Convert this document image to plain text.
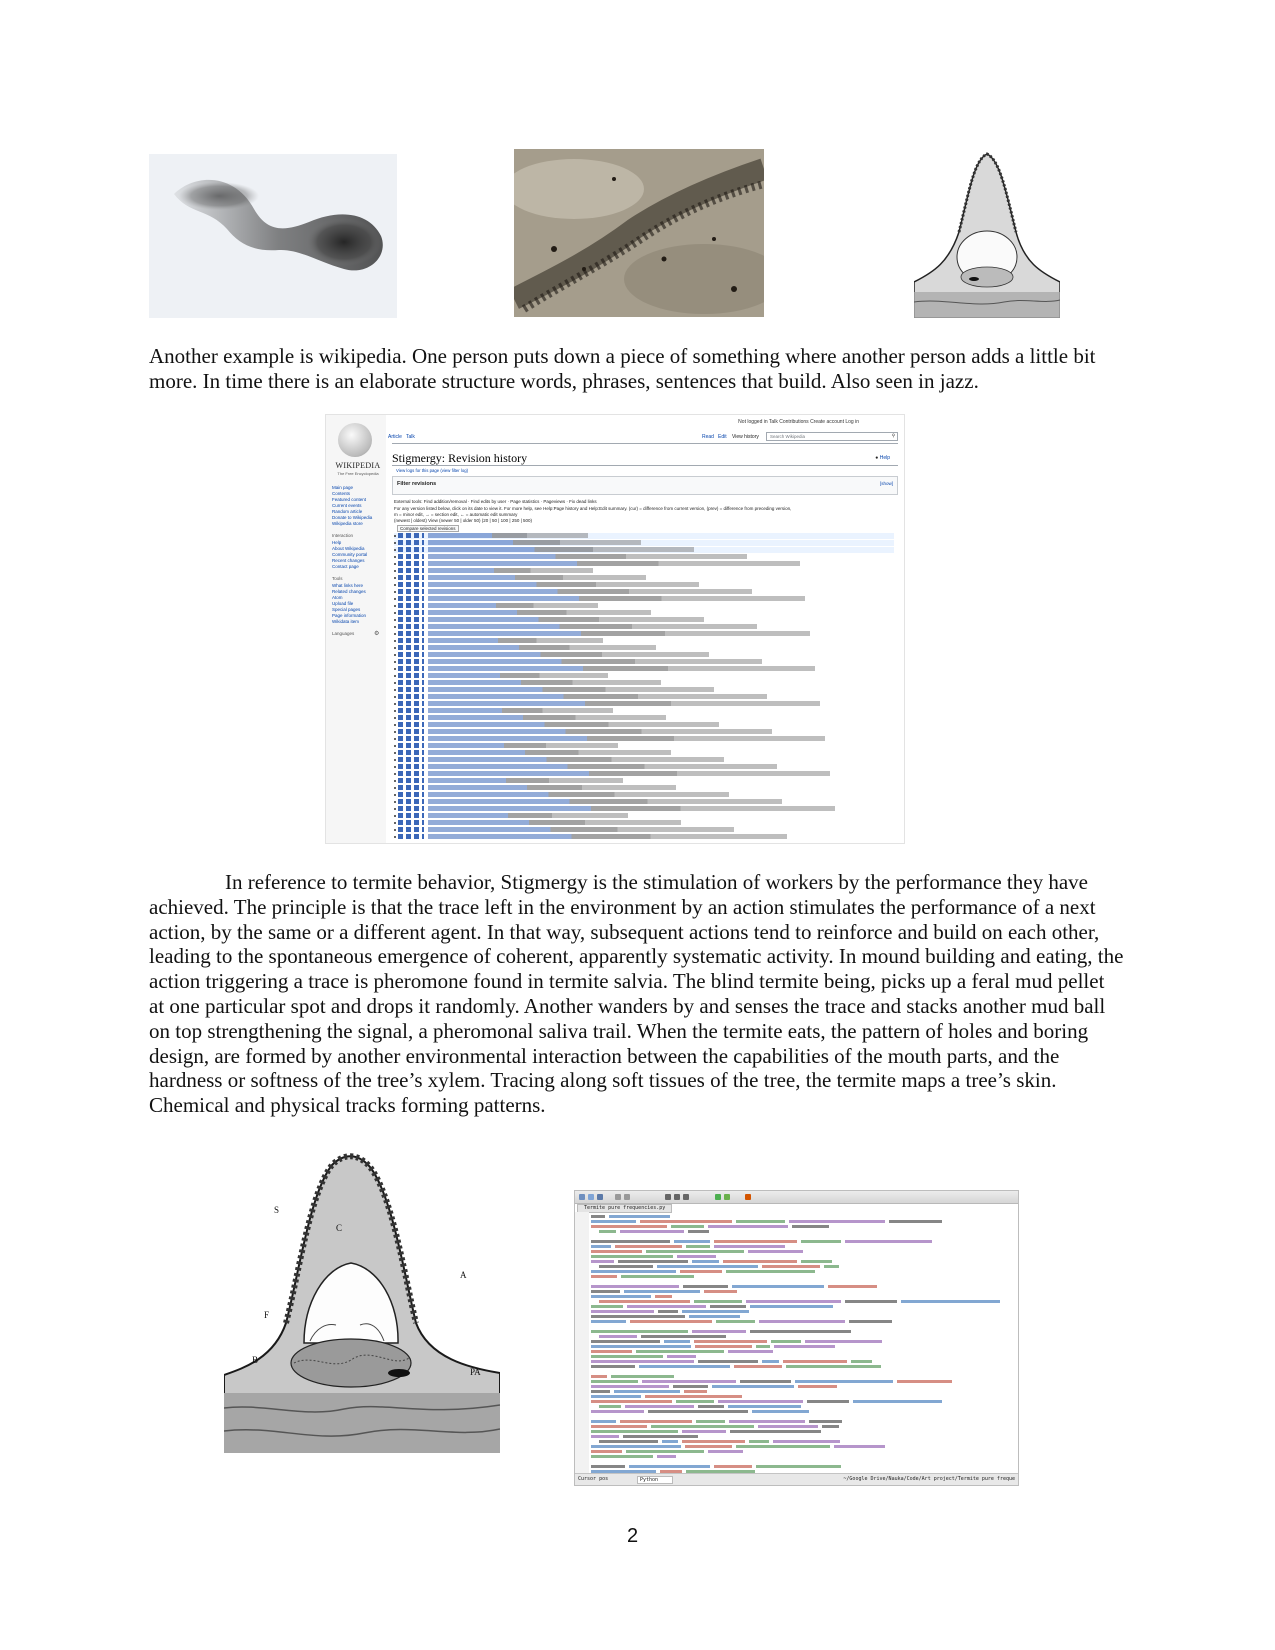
Another example is wikipedia. One person puts down a piece of something where another person adds a little bit more. In time there is an elaborate structure words, phrases, sentences that build. Also seen in jazz.
WIKIPEDIA
The Free Encyclopedia
Main page
Contents
Featured content
Current events
Random article
Donate to Wikipedia
Wikipedia store
Interaction
Help
About Wikipedia
Community portal
Recent changes
Contact page
Tools
What links here
Related changes
Atom
Upload file
Special pages
Page information
Wikidata item
Languages	⚙
Not logged in Talk Contributions Create account Log in
Article Talk	Read Edit View history	Search Wikipedia	⚲
Stigmergy: Revision history	● Help
View logs for this page (view filter log)
Filter revisions	[show]
External tools: Find addition/removal · Find edits by user · Page statistics · Pageviews · Fix dead links
For any version listed below, click on its date to view it. For more help, see Help:Page history and Help:Edit summary. (cur) = difference from current version, (prev) = difference from preceding version,
m = minor edit, → = section edit, ← = automatic edit summary
(newest | oldest) View (newer 50 | older 50) (20 | 50 | 100 | 250 | 500)
Compare selected revisions
In reference to termite behavior, Stigmergy is the stimulation of workers by the performance they have achieved. The principle is that the trace left in the environment by an action stimulates the performance of a next action, by the same or a different agent. In that way, subsequent actions tend to reinforce and build on each other, leading to the spontaneous emergence of coherent, apparently systematic activity. In mound building and eating, the action triggering a trace is pheromone found in termite salvia. The blind termite being, picks up a feral mud pellet at one particular spot and drops it randomly. Another wanders by and senses the trace and stacks another mud ball on top strengthening the signal, a pheromonal saliva trail. When the termite eats, the pattern of holes and boring design, are formed by another environmental interaction between the capabilities of the mouth parts, and the hardness or softness of the tree’s xylem. Tracing along soft tissues of the tree, the termite maps a tree’s skin. Chemical and physical tracks forming patterns.
S
C
A
F
B
PA
Termite pure frequencies.py
Cursor pos	Python	~/Google Drive/Nauka/Code/Art project/Termite pure freque
2
